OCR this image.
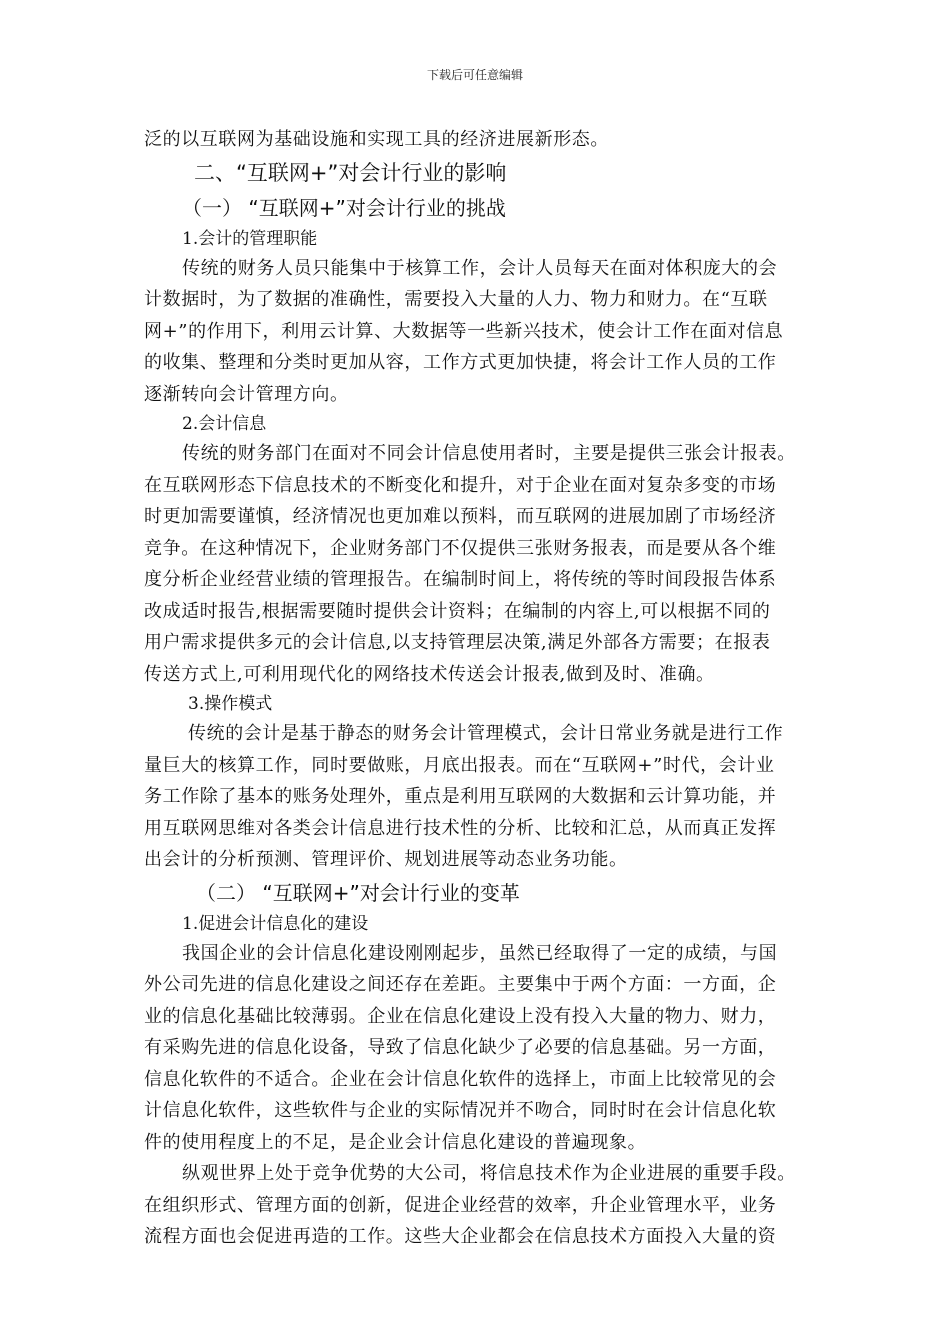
下载后可任意编辑
泛的以互联网为基础设施和实现工具的经济进展新形态。
二、“互联网+”对会计行业的影响
（一） “互联网+”对会计行业的挑战
1.会计的管理职能
传统的财务人员只能集中于核算工作，会计人员每天在面对体积庞大的会
计数据时，为了数据的准确性，需要投入大量的人力、物力和财力。在“互联
网+”的作用下，利用云计算、大数据等一些新兴技术，使会计工作在面对信息
的收集、整理和分类时更加从容，工作方式更加快捷，将会计工作人员的工作
逐渐转向会计管理方向。
2.会计信息
传统的财务部门在面对不同会计信息使用者时，主要是提供三张会计报表。
在互联网形态下信息技术的不断变化和提升，对于企业在面对复杂多变的市场
时更加需要谨慎，经济情况也更加难以预料，而互联网的进展加剧了市场经济
竞争。在这种情况下，企业财务部门不仅提供三张财务报表，而是要从各个维
度分析企业经营业绩的管理报告。在编制时间上，将传统的等时间段报告体系
改成适时报告,根据需要随时提供会计资料；在编制的内容上,可以根据不同的
用户需求提供多元的会计信息,以支持管理层决策,满足外部各方需要；在报表
传送方式上,可利用现代化的网络技术传送会计报表,做到及时、准确。
3.操作模式
传统的会计是基于静态的财务会计管理模式，会计日常业务就是进行工作
量巨大的核算工作，同时要做账，月底出报表。而在“互联网+”时代，会计业
务工作除了基本的账务处理外，重点是利用互联网的大数据和云计算功能，并
用互联网思维对各类会计信息进行技术性的分析、比较和汇总，从而真正发挥
出会计的分析预测、管理评价、规划进展等动态业务功能。
（二） “互联网+”对会计行业的变革
1.促进会计信息化的建设
我国企业的会计信息化建设刚刚起步，虽然已经取得了一定的成绩，与国
外公司先进的信息化建设之间还存在差距。主要集中于两个方面：一方面，企
业的信息化基础比较薄弱。企业在信息化建设上没有投入大量的物力、财力，
有采购先进的信息化设备，导致了信息化缺少了必要的信息基础。另一方面，
信息化软件的不适合。企业在会计信息化软件的选择上，市面上比较常见的会
计信息化软件，这些软件与企业的实际情况并不吻合，同时时在会计信息化软
件的使用程度上的不足，是企业会计信息化建设的普遍现象。
纵观世界上处于竞争优势的大公司，将信息技术作为企业进展的重要手段。
在组织形式、管理方面的创新，促进企业经营的效率，升企业管理水平，业务
流程方面也会促进再造的工作。这些大企业都会在信息技术方面投入大量的资
